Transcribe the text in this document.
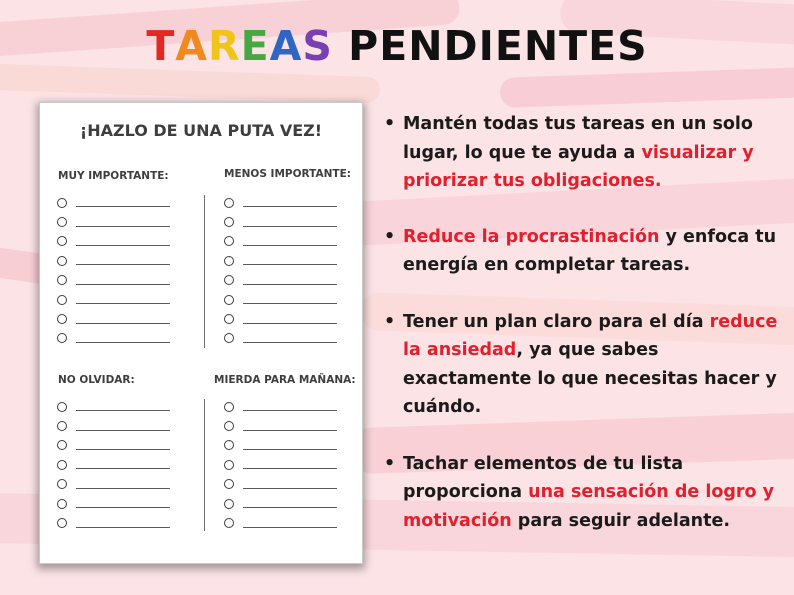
TAREAS PENDIENTES
¡HAZLO DE UNA PUTA VEZ!
MUY IMPORTANTE:	MENOS IMPORTANTE:
NO OLVIDAR:	MIERDA PARA MAÑANA:
• Mantén todas tus tareas en un solo lugar, lo que te ayuda a visualizar y priorizar tus obligaciones.
• Reduce la procrastinación y enfoca tu energía en completar tareas.
• Tener un plan claro para el día reduce la ansiedad, ya que sabes exactamente lo que necesitas hacer y cuándo.
• Tachar elementos de tu lista proporciona una sensación de logro y motivación para seguir adelante.
